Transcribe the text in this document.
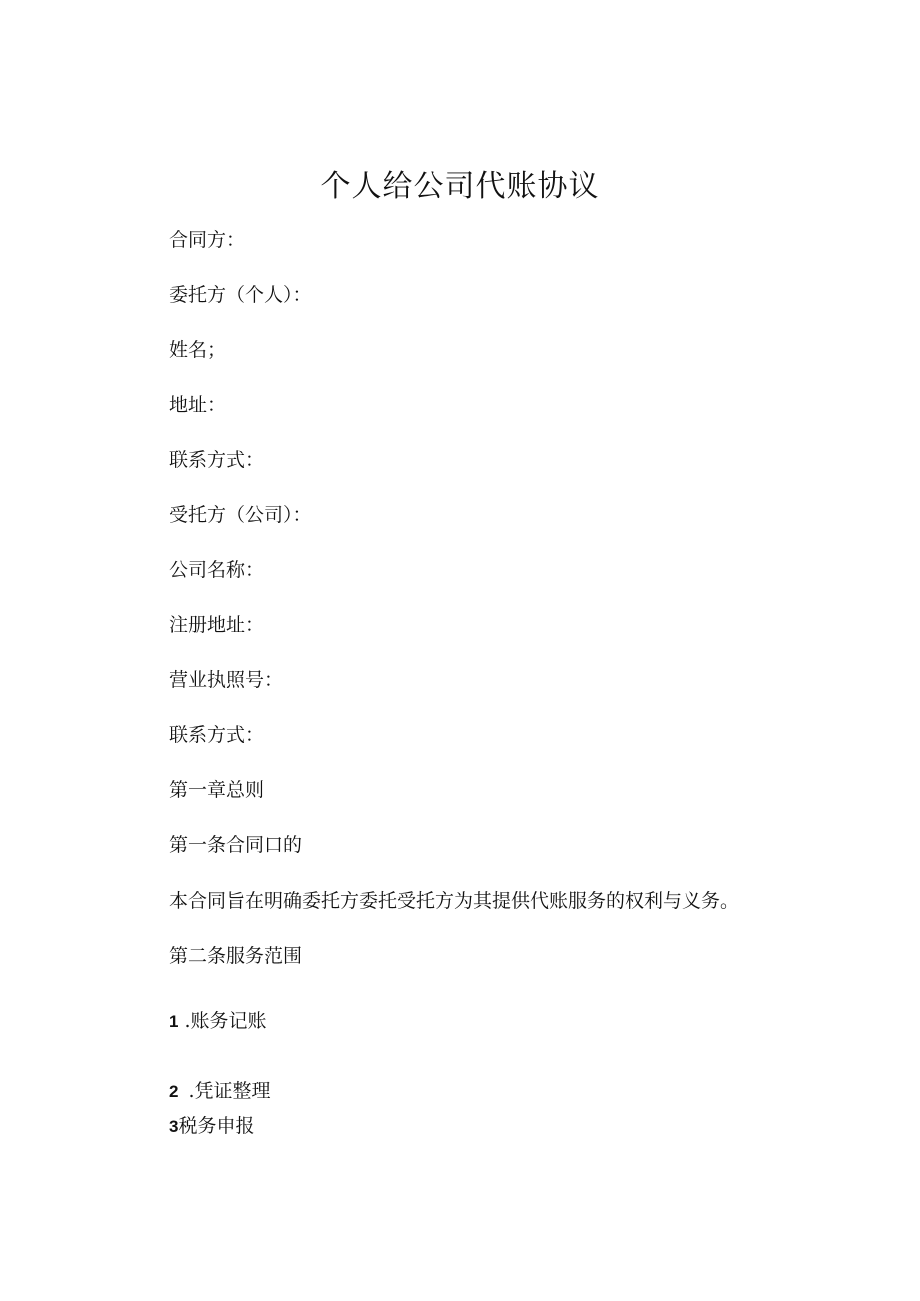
个人给公司代账协议
合同方：
委托方（个人）：
姓名；
地址：
联系方式：
受托方（公司）：
公司名称：
注册地址：
营业执照号：
联系方式：
第一章总则
第一条合同口的
本合同旨在明确委托方委托受托方为其提供代账服务的权利与义务。
第二条服务范围
1.账务记账
2.凭证整理
3税务申报
